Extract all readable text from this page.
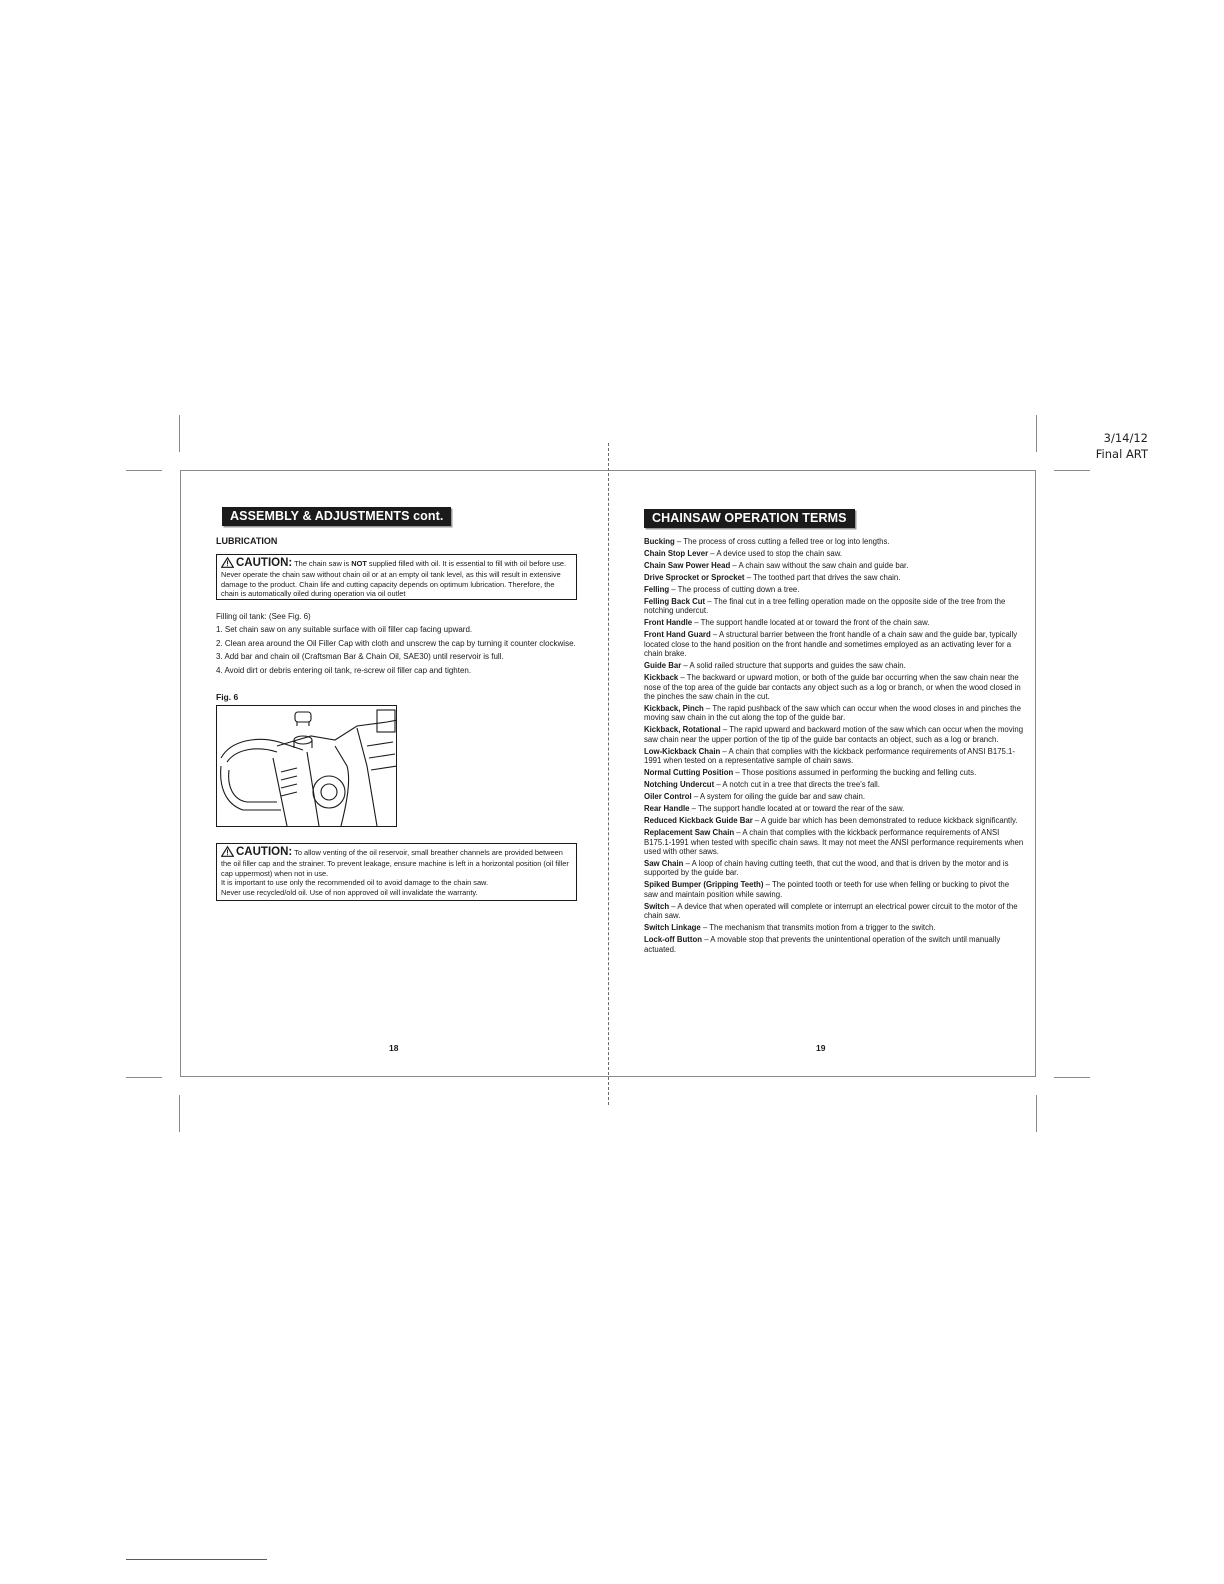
3/14/12
Final ART
ASSEMBLY & ADJUSTMENTS cont.
LUBRICATION
CAUTION: The chain saw is NOT supplied filled with oil. It is essential to fill with oil before use. Never operate the chain saw without chain oil or at an empty oil tank level, as this will result in extensive damage to the product. Chain life and cutting capacity depends on optimum lubrication. Therefore, the chain is automatically oiled during operation via oil outlet
Filling oil tank: (See Fig. 6)

1. Set chain saw on any suitable surface with oil filler cap facing upward.

2. Clean area around the Oil Filler Cap with cloth and unscrew the cap by turning it counter clockwise.

3. Add bar and chain oil (Craftsman Bar & Chain Oil, SAE30) until reservoir is full.

4. Avoid dirt or debris entering oil tank, re-screw oil filler cap and tighten.

Fig. 6
CAUTION: To allow venting of the oil reservoir, small breather channels are provided between the oil filler cap and the strainer. To prevent leakage, ensure machine is left in a horizontal position (oil filler cap uppermost) when not in use.
It is important to use only the recommended oil to avoid damage to the chain saw.
Never use recycled/old oil. Use of non approved oil will invalidate the warranty.
18
CHAINSAW OPERATION TERMS

Bucking – The process of cross cutting a felled tree or log into lengths.

Chain Stop Lever – A device used to stop the chain saw.

Chain Saw Power Head – A chain saw without the saw chain and guide bar.

Drive Sprocket or Sprocket – The toothed part that drives the saw chain.

Felling – The process of cutting down a tree.

Felling Back Cut – The final cut in a tree felling operation made on the opposite side of the tree from the notching undercut.

Front Handle – The support handle located at or toward the front of the chain saw.

Front Hand Guard – A structural barrier between the front handle of a chain saw and the guide bar, typically located close to the hand position on the front handle and sometimes employed as an activating lever for a chain brake.

Guide Bar – A solid railed structure that supports and guides the saw chain.

Kickback – The backward or upward motion, or both of the guide bar occurring when the saw chain near the nose of the top area of the guide bar contacts any object such as a log or branch, or when the wood closed in the pinches the saw chain in the cut.

Kickback, Pinch – The rapid pushback of the saw which can occur when the wood closes in and pinches the moving saw chain in the cut along the top of the guide bar.

Kickback, Rotational – The rapid upward and backward motion of the saw which can occur when the moving saw chain near the upper portion of the tip of the guide bar contacts an object, such as a log or branch.

Low-Kickback Chain – A chain that complies with the kickback performance requirements of ANSI B175.1-1991 when tested on a representative sample of chain saws.

Normal Cutting Position – Those positions assumed in performing the bucking and felling cuts.

Notching Undercut – A notch cut in a tree that directs the tree's fall.

Oiler Control – A system for oiling the guide bar and saw chain.

Rear Handle – The support handle located at or toward the rear of the saw.

Reduced Kickback Guide Bar – A guide bar which has been demonstrated to reduce kickback significantly.

Replacement Saw Chain – A chain that complies with the kickback performance requirements of ANSI B175.1-1991 when tested with specific chain saws. It may not meet the ANSI performance requirements when used with other saws.

Saw Chain – A loop of chain having cutting teeth, that cut the wood, and that is driven by the motor and is supported by the guide bar.

Spiked Bumper (Gripping Teeth) – The pointed tooth or teeth for use when felling or bucking to pivot the saw and maintain position while sawing.

Switch – A device that when operated will complete or interrupt an electrical power circuit to the motor of the chain saw.

Switch Linkage – The mechanism that transmits motion from a trigger to the switch.

Lock-off Button – A movable stop that prevents the unintentional operation of the switch until manually actuated.

19
